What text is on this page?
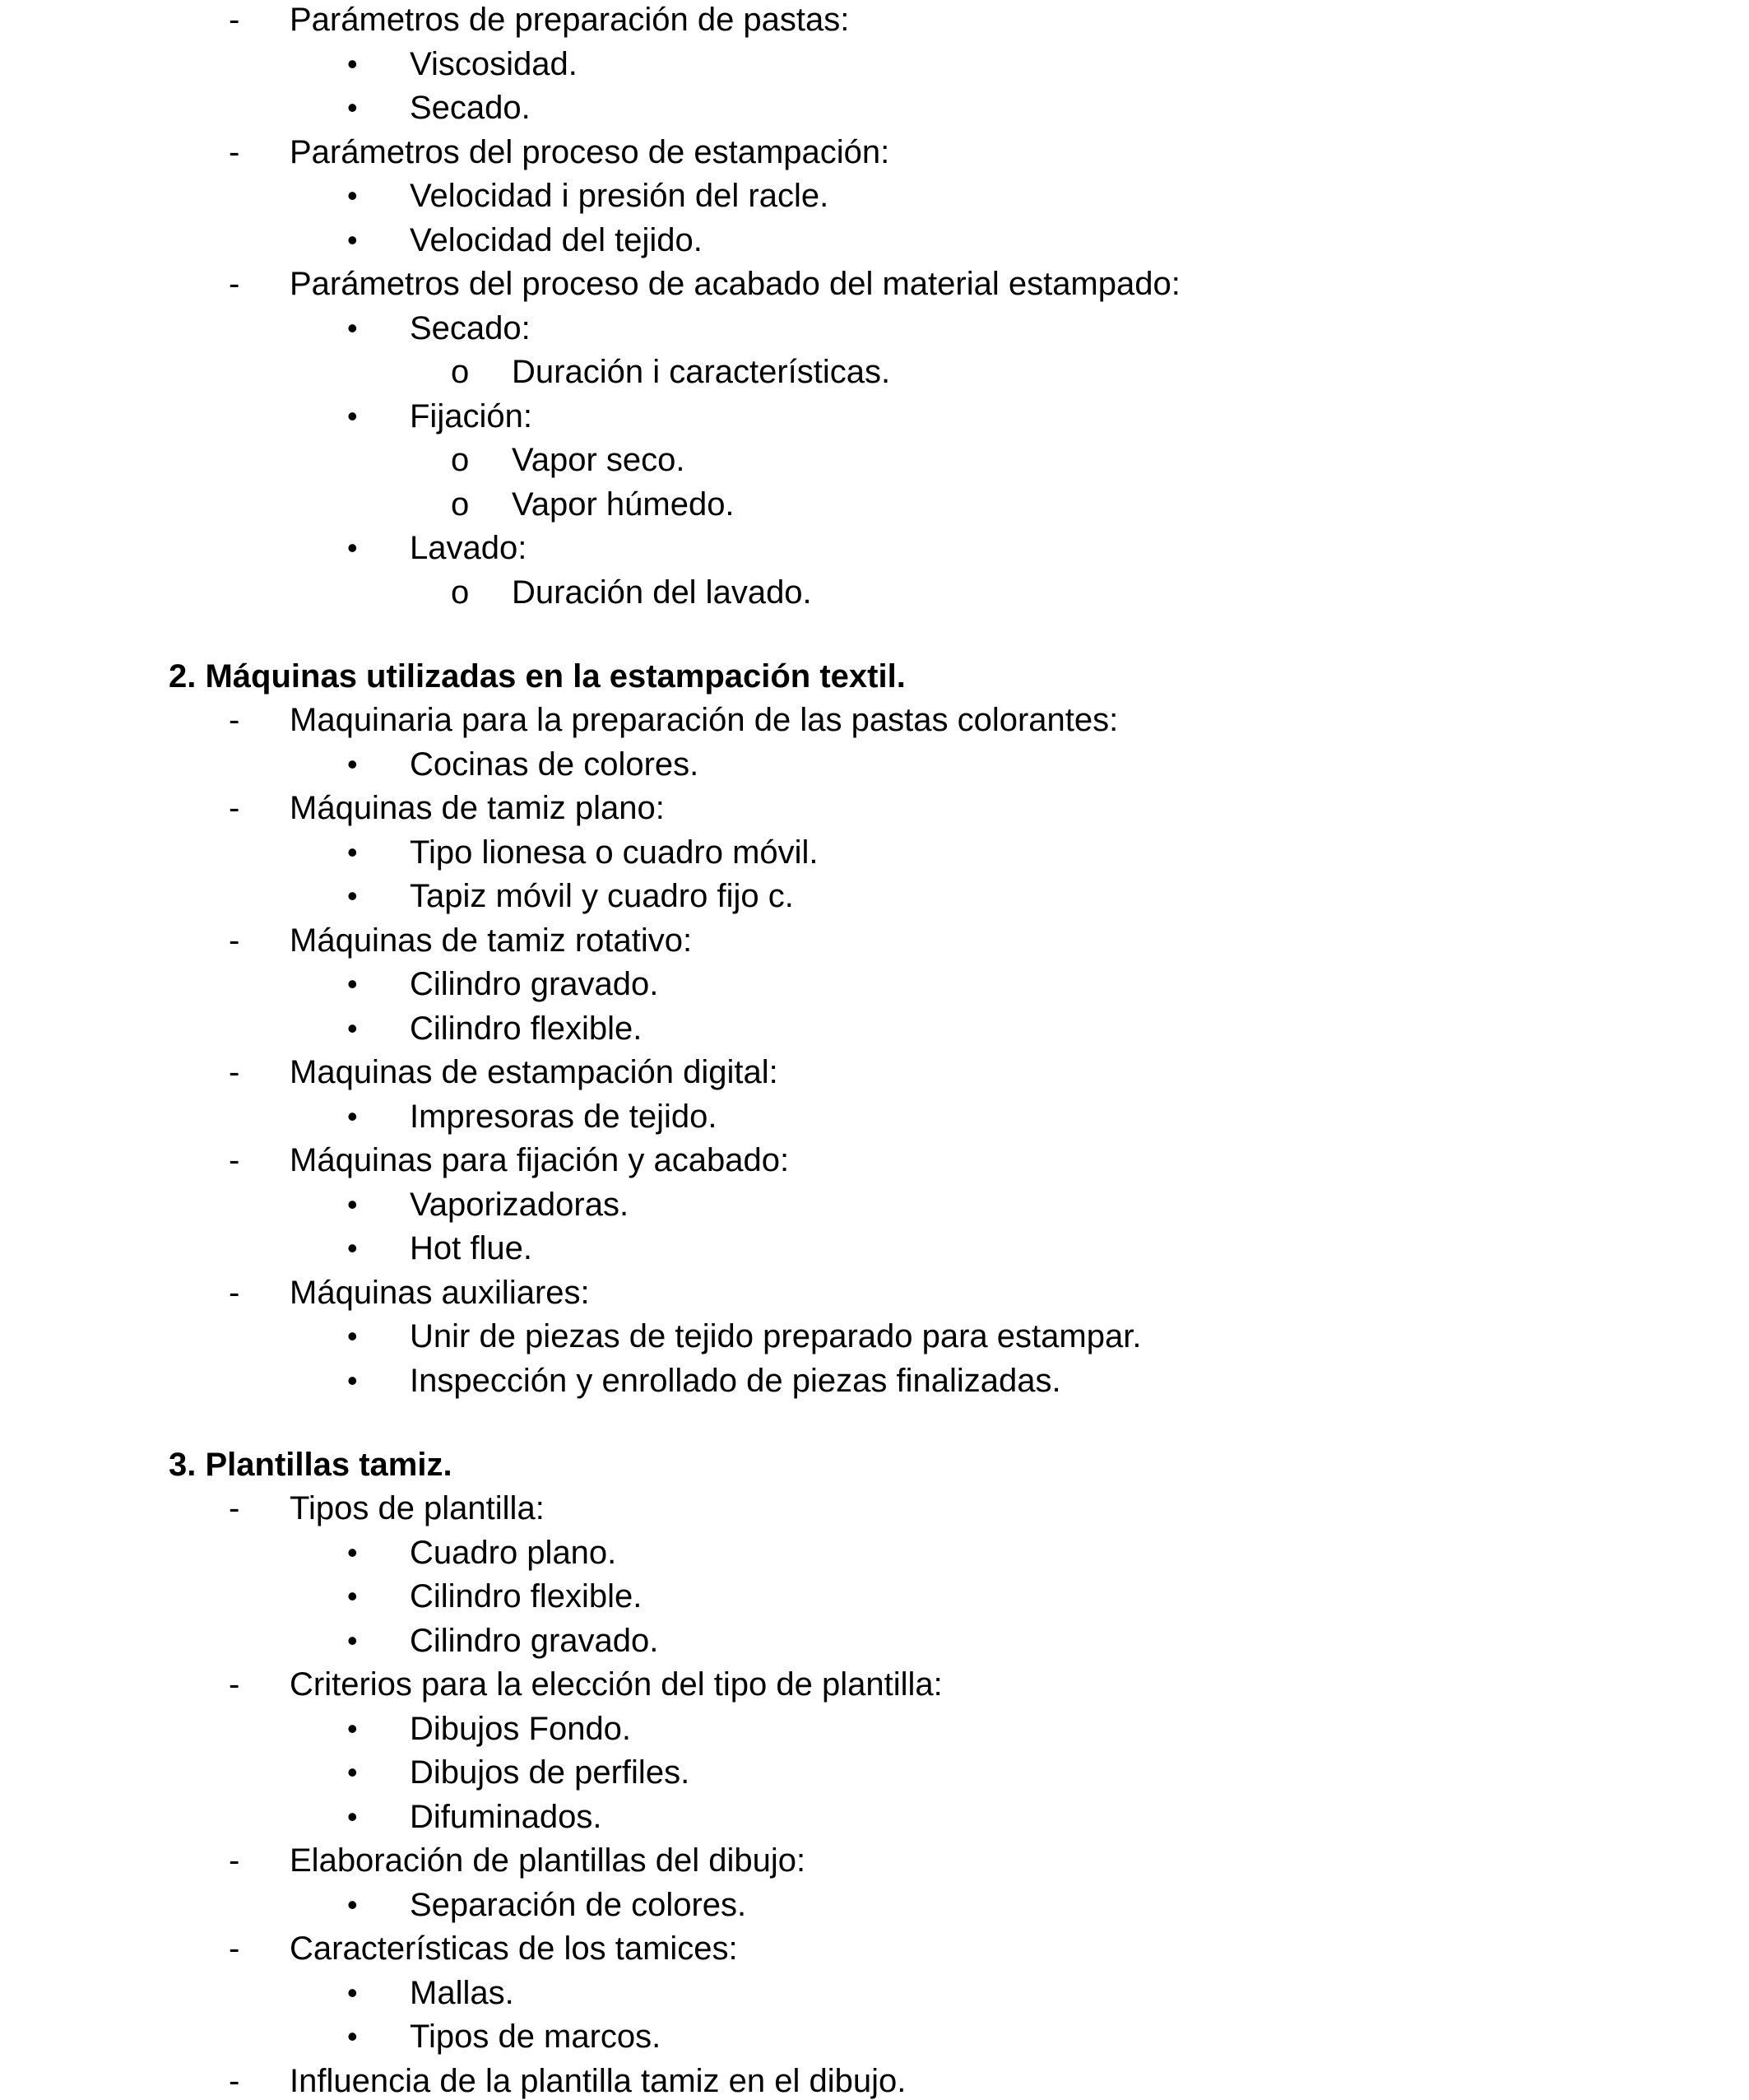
- Parámetros de preparación de pastas:
• Viscosidad.
• Secado.
- Parámetros del proceso de estampación:
• Velocidad i presión del racle.
• Velocidad del tejido.
- Parámetros del proceso de acabado del material estampado:
• Secado:
o Duración i características.
• Fijación:
o Vapor seco.
o Vapor húmedo.
• Lavado:
o Duración del lavado.
2. Máquinas utilizadas en la estampación textil.
- Maquinaria para la preparación de las pastas colorantes:
• Cocinas de colores.
- Máquinas de tamiz plano:
• Tipo lionesa o cuadro móvil.
• Tapiz móvil y cuadro fijo c.
- Máquinas de tamiz rotativo:
• Cilindro gravado.
• Cilindro flexible.
- Maquinas de estampación digital:
• Impresoras de tejido.
- Máquinas para fijación y acabado:
• Vaporizadoras.
• Hot flue.
- Máquinas auxiliares:
• Unir de piezas de tejido preparado para estampar.
• Inspección y enrollado de piezas finalizadas.
3. Plantillas tamiz.
- Tipos de plantilla:
• Cuadro plano.
• Cilindro flexible.
• Cilindro gravado.
- Criterios para la elección del tipo de plantilla:
• Dibujos Fondo.
• Dibujos de perfiles.
• Difuminados.
- Elaboración de plantillas del dibujo:
• Separación de colores.
- Características de los tamices:
• Mallas.
• Tipos de marcos.
- Influencia de la plantilla tamiz en el dibujo.
